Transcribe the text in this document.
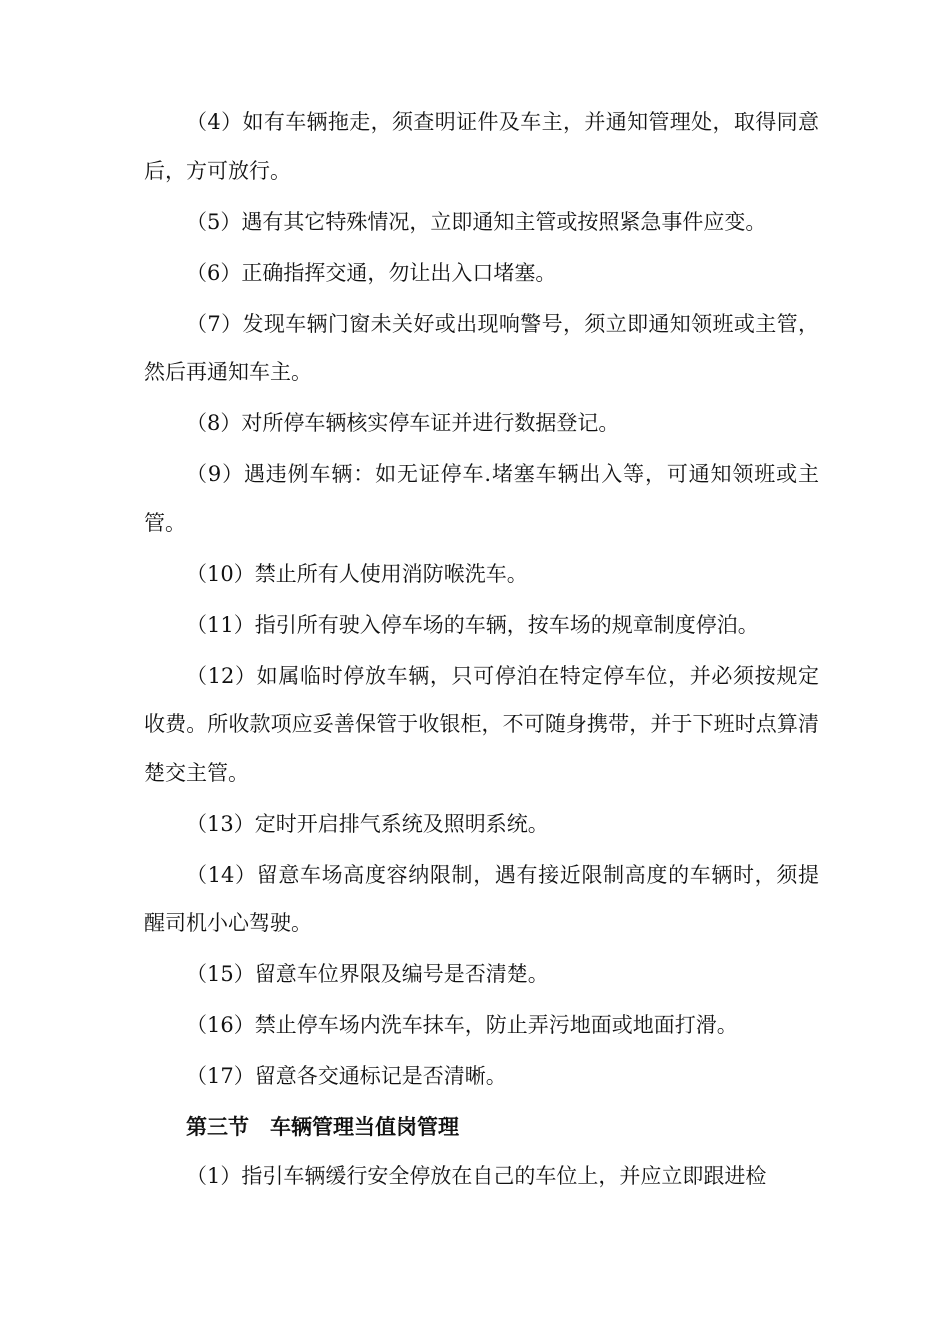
（4）如有车辆拖走，须查明证件及车主，并通知管理处，取得同意后，方可放行。

（5）遇有其它特殊情况，立即通知主管或按照紧急事件应变。

（6）正确指挥交通，勿让出入口堵塞。

（7）发现车辆门窗未关好或出现响警号，须立即通知领班或主管，然后再通知车主。

（8）对所停车辆核实停车证并进行数据登记。

（9）遇违例车辆：如无证停车.堵塞车辆出入等，可通知领班或主管。

（10）禁止所有人使用消防喉洗车。

（11）指引所有驶入停车场的车辆，按车场的规章制度停泊。

（12）如属临时停放车辆，只可停泊在特定停车位，并必须按规定收费。所收款项应妥善保管于收银柜，不可随身携带，并于下班时点算清楚交主管。

（13）定时开启排气系统及照明系统。

（14）留意车场高度容纳限制，遇有接近限制高度的车辆时，须提醒司机小心驾驶。

（15）留意车位界限及编号是否清楚。

（16）禁止停车场内洗车抹车，防止弄污地面或地面打滑。

（17）留意各交通标记是否清晰。

第三节　车辆管理当值岗管理

（1）指引车辆缓行安全停放在自己的车位上，并应立即跟进检
